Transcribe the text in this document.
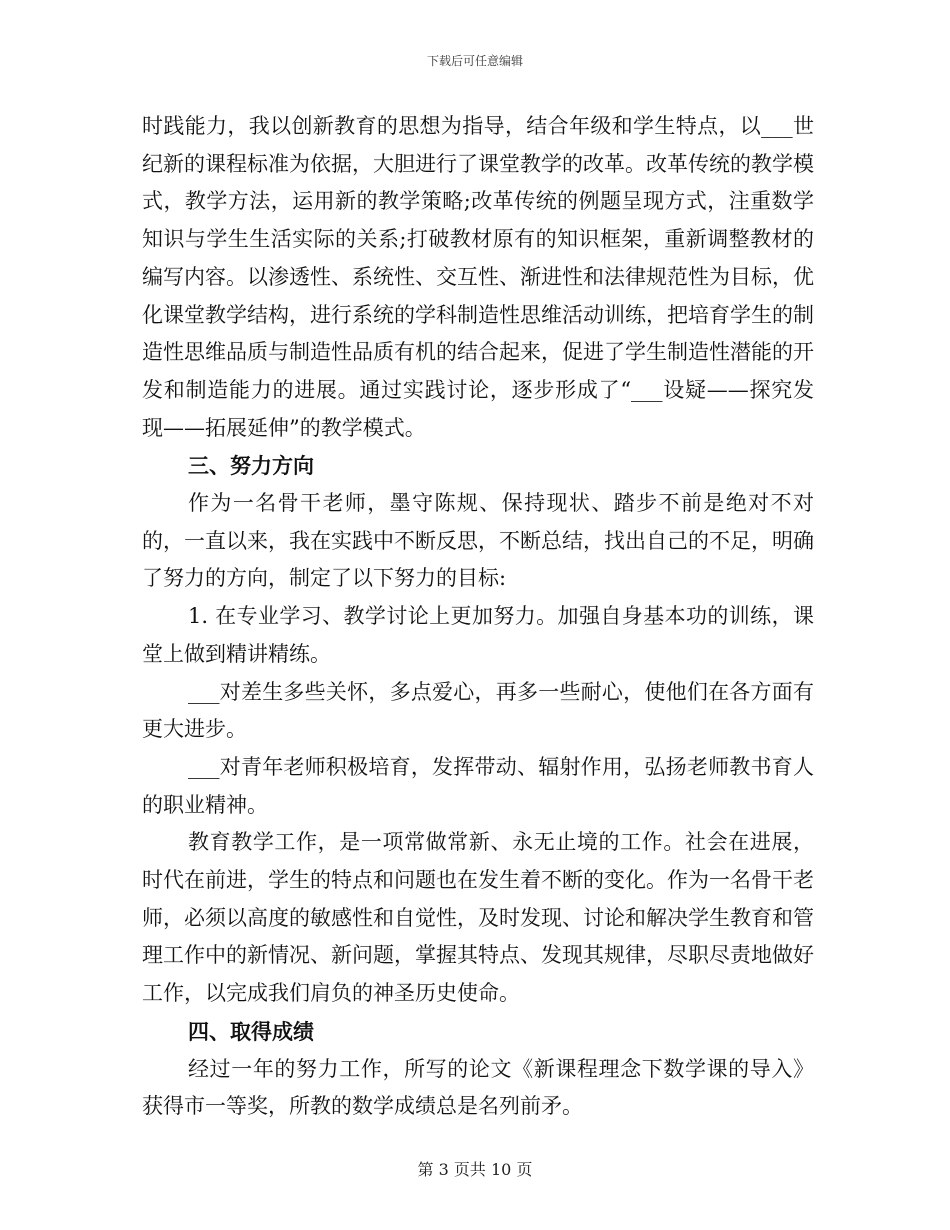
下载后可任意编辑

时践能力，我以创新教育的思想为指导，结合年级和学生特点，以___世纪新的课程标准为依据，大胆进行了课堂教学的改革。改革传统的教学模式，教学方法，运用新的教学策略;改革传统的例题呈现方式，注重数学知识与学生生活实际的关系;打破教材原有的知识框架，重新调整教材的编写内容。以渗透性、系统性、交互性、渐进性和法律规范性为目标，优化课堂教学结构，进行系统的学科制造性思维活动训练，把培育学生的制造性思维品质与制造性品质有机的结合起来，促进了学生制造性潜能的开发和制造能力的进展。通过实践讨论，逐步形成了“___设疑——探究发现——拓展延伸”的教学模式。

三、努力方向

作为一名骨干老师，墨守陈规、保持现状、踏步不前是绝对不对的，一直以来，我在实践中不断反思，不断总结，找出自己的不足，明确了努力的方向，制定了以下努力的目标:

1. 在专业学习、教学讨论上更加努力。加强自身基本功的训练，课堂上做到精讲精练。

___对差生多些关怀，多点爱心，再多一些耐心，使他们在各方面有更大进步。

___对青年老师积极培育，发挥带动、辐射作用，弘扬老师教书育人的职业精神。

教育教学工作，是一项常做常新、永无止境的工作。社会在进展，时代在前进，学生的特点和问题也在发生着不断的变化。作为一名骨干老师，必须以高度的敏感性和自觉性，及时发现、讨论和解决学生教育和管理工作中的新情况、新问题，掌握其特点、发现其规律，尽职尽责地做好工作，以完成我们肩负的神圣历史使命。

四、取得成绩

经过一年的努力工作，所写的论文《新课程理念下数学课的导入》获得市一等奖，所教的数学成绩总是名列前矛。

第 3 页共 10 页
